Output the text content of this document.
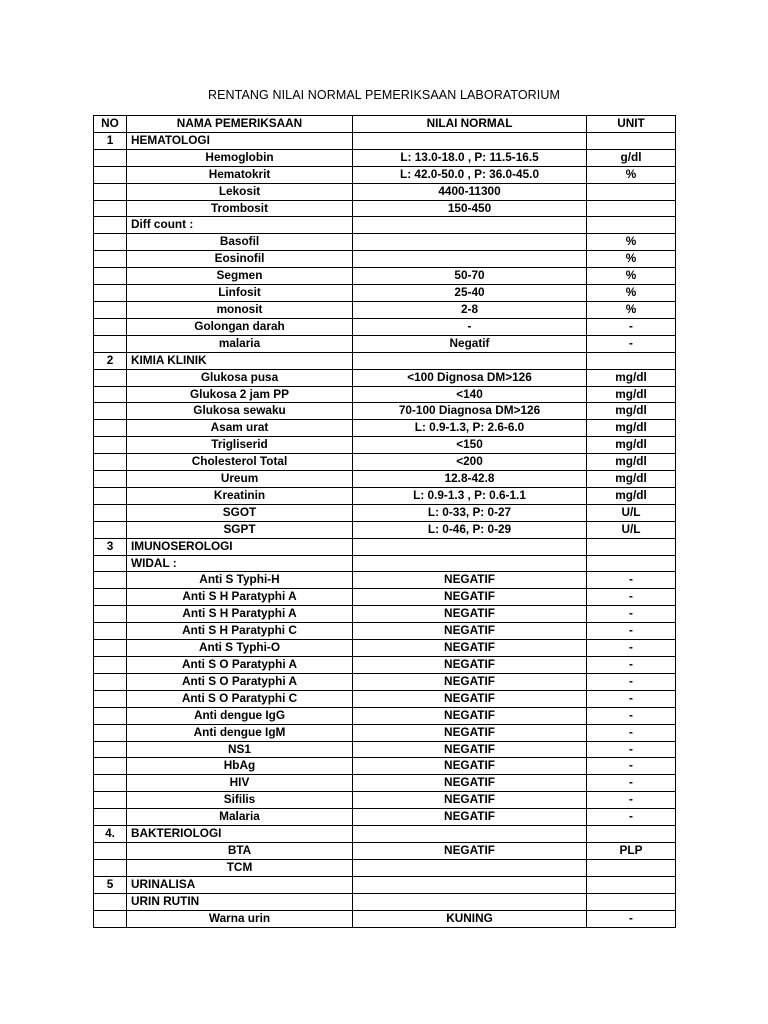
RENTANG NILAI NORMAL PEMERIKSAAN LABORATORIUM
NO	NAMA PEMERIKSAAN	NILAI NORMAL	UNIT
1	HEMATOLOGI		
	Hemoglobin	L: 13.0-18.0 , P: 11.5-16.5	g/dl
	Hematokrit	L: 42.0-50.0 , P: 36.0-45.0	%
	Lekosit	4400-11300	
	Trombosit	150-450	
	Diff count :		
	Basofil		%
	Eosinofil		%
	Segmen	50-70	%
	Linfosit	25-40	%
	monosit	2-8	%
	Golongan darah	-	-
	malaria	Negatif	-
2	KIMIA KLINIK		
	Glukosa pusa	<100 Dignosa DM>126	mg/dl
	Glukosa 2 jam PP	<140	mg/dl
	Glukosa sewaku	70-100 Diagnosa DM>126	mg/dl
	Asam urat	L: 0.9-1.3, P: 2.6-6.0	mg/dl
	Trigliserid	<150	mg/dl
	Cholesterol Total	<200	mg/dl
	Ureum	12.8-42.8	mg/dl
	Kreatinin	L: 0.9-1.3 , P: 0.6-1.1	mg/dl
	SGOT	L: 0-33, P: 0-27	U/L
	SGPT	L: 0-46, P: 0-29	U/L
3	IMUNOSEROLOGI		
	WIDAL :		
	Anti S Typhi-H	NEGATIF	-
	Anti S H Paratyphi A	NEGATIF	-
	Anti S H Paratyphi A	NEGATIF	-
	Anti S H Paratyphi C	NEGATIF	-
	Anti S Typhi-O	NEGATIF	-
	Anti S O Paratyphi A	NEGATIF	-
	Anti S O Paratyphi A	NEGATIF	-
	Anti S O Paratyphi C	NEGATIF	-
	Anti dengue IgG	NEGATIF	-
	Anti dengue IgM	NEGATIF	-
	NS1	NEGATIF	-
	HbAg	NEGATIF	-
	HIV	NEGATIF	-
	Sifilis	NEGATIF	-
	Malaria	NEGATIF	-
4.	BAKTERIOLOGI		
	BTA	NEGATIF	PLP
	TCM		
5	URINALISA		
	URIN RUTIN		
	Warna urin	KUNING	-
